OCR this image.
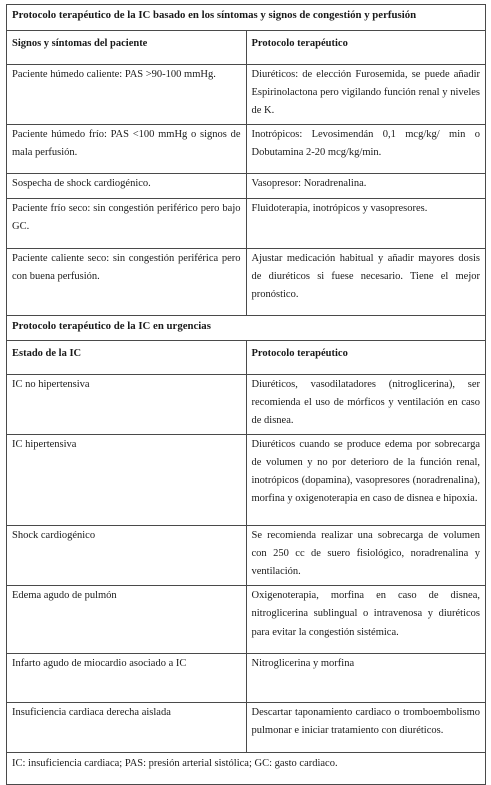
Protocolo terapéutico de la IC basado en los síntomas y signos de congestión y perfusión	
Signos y síntomas del paciente	Protocolo terapéutico
Paciente húmedo caliente: PAS >90-100 mmHg.	Diuréticos: de elección Furosemida, se puede añadir Espirinolactona pero vigilando función renal y niveles de K.
Paciente húmedo frío: PAS <100 mmHg o signos de mala perfusión.	Inotrópicos: Levosimendán 0,1 mcg/kg/ min o Dobutamina 2-20 mcg/kg/min.
Sospecha de shock cardiogénico.	Vasopresor: Noradrenalina.
Paciente frío seco: sin congestión periférico pero bajo GC.	Fluidoterapia, inotrópicos y vasopresores.
Paciente caliente seco: sin congestión periférica pero con buena perfusión.	Ajustar medicación habitual y añadir mayores dosis de diuréticos si fuese necesario. Tiene el mejor pronóstico.
Protocolo terapéutico de la IC en urgencias	
Estado de la IC	Protocolo terapéutico
IC no hipertensiva	Diuréticos, vasodilatadores (nitroglicerina), ser recomienda el uso de mórficos y ventilación en caso de disnea.
IC hipertensiva	Diuréticos cuando se produce edema por sobrecarga de volumen y no por deterioro de la función renal, inotrópicos (dopamina), vasopresores (noradrenalina), morfina y oxigenoterapia en caso de disnea e hipoxia.
Shock cardiogénico	Se recomienda realizar una sobrecarga de volumen con 250 cc de suero fisiológico, noradrenalina y ventilación.
Edema agudo de pulmón	Oxigenoterapia, morfina en caso de disnea, nitroglicerina sublingual o intravenosa y diuréticos para evitar la congestión sistémica.
Infarto agudo de miocardio asociado a IC	Nitroglicerina y morfina
Insuficiencia cardiaca derecha aislada	Descartar taponamiento cardiaco o tromboembolismo pulmonar e iniciar tratamiento con diuréticos.
IC: insuficiencia cardiaca; PAS: presión arterial sistólica; GC: gasto cardiaco.	
